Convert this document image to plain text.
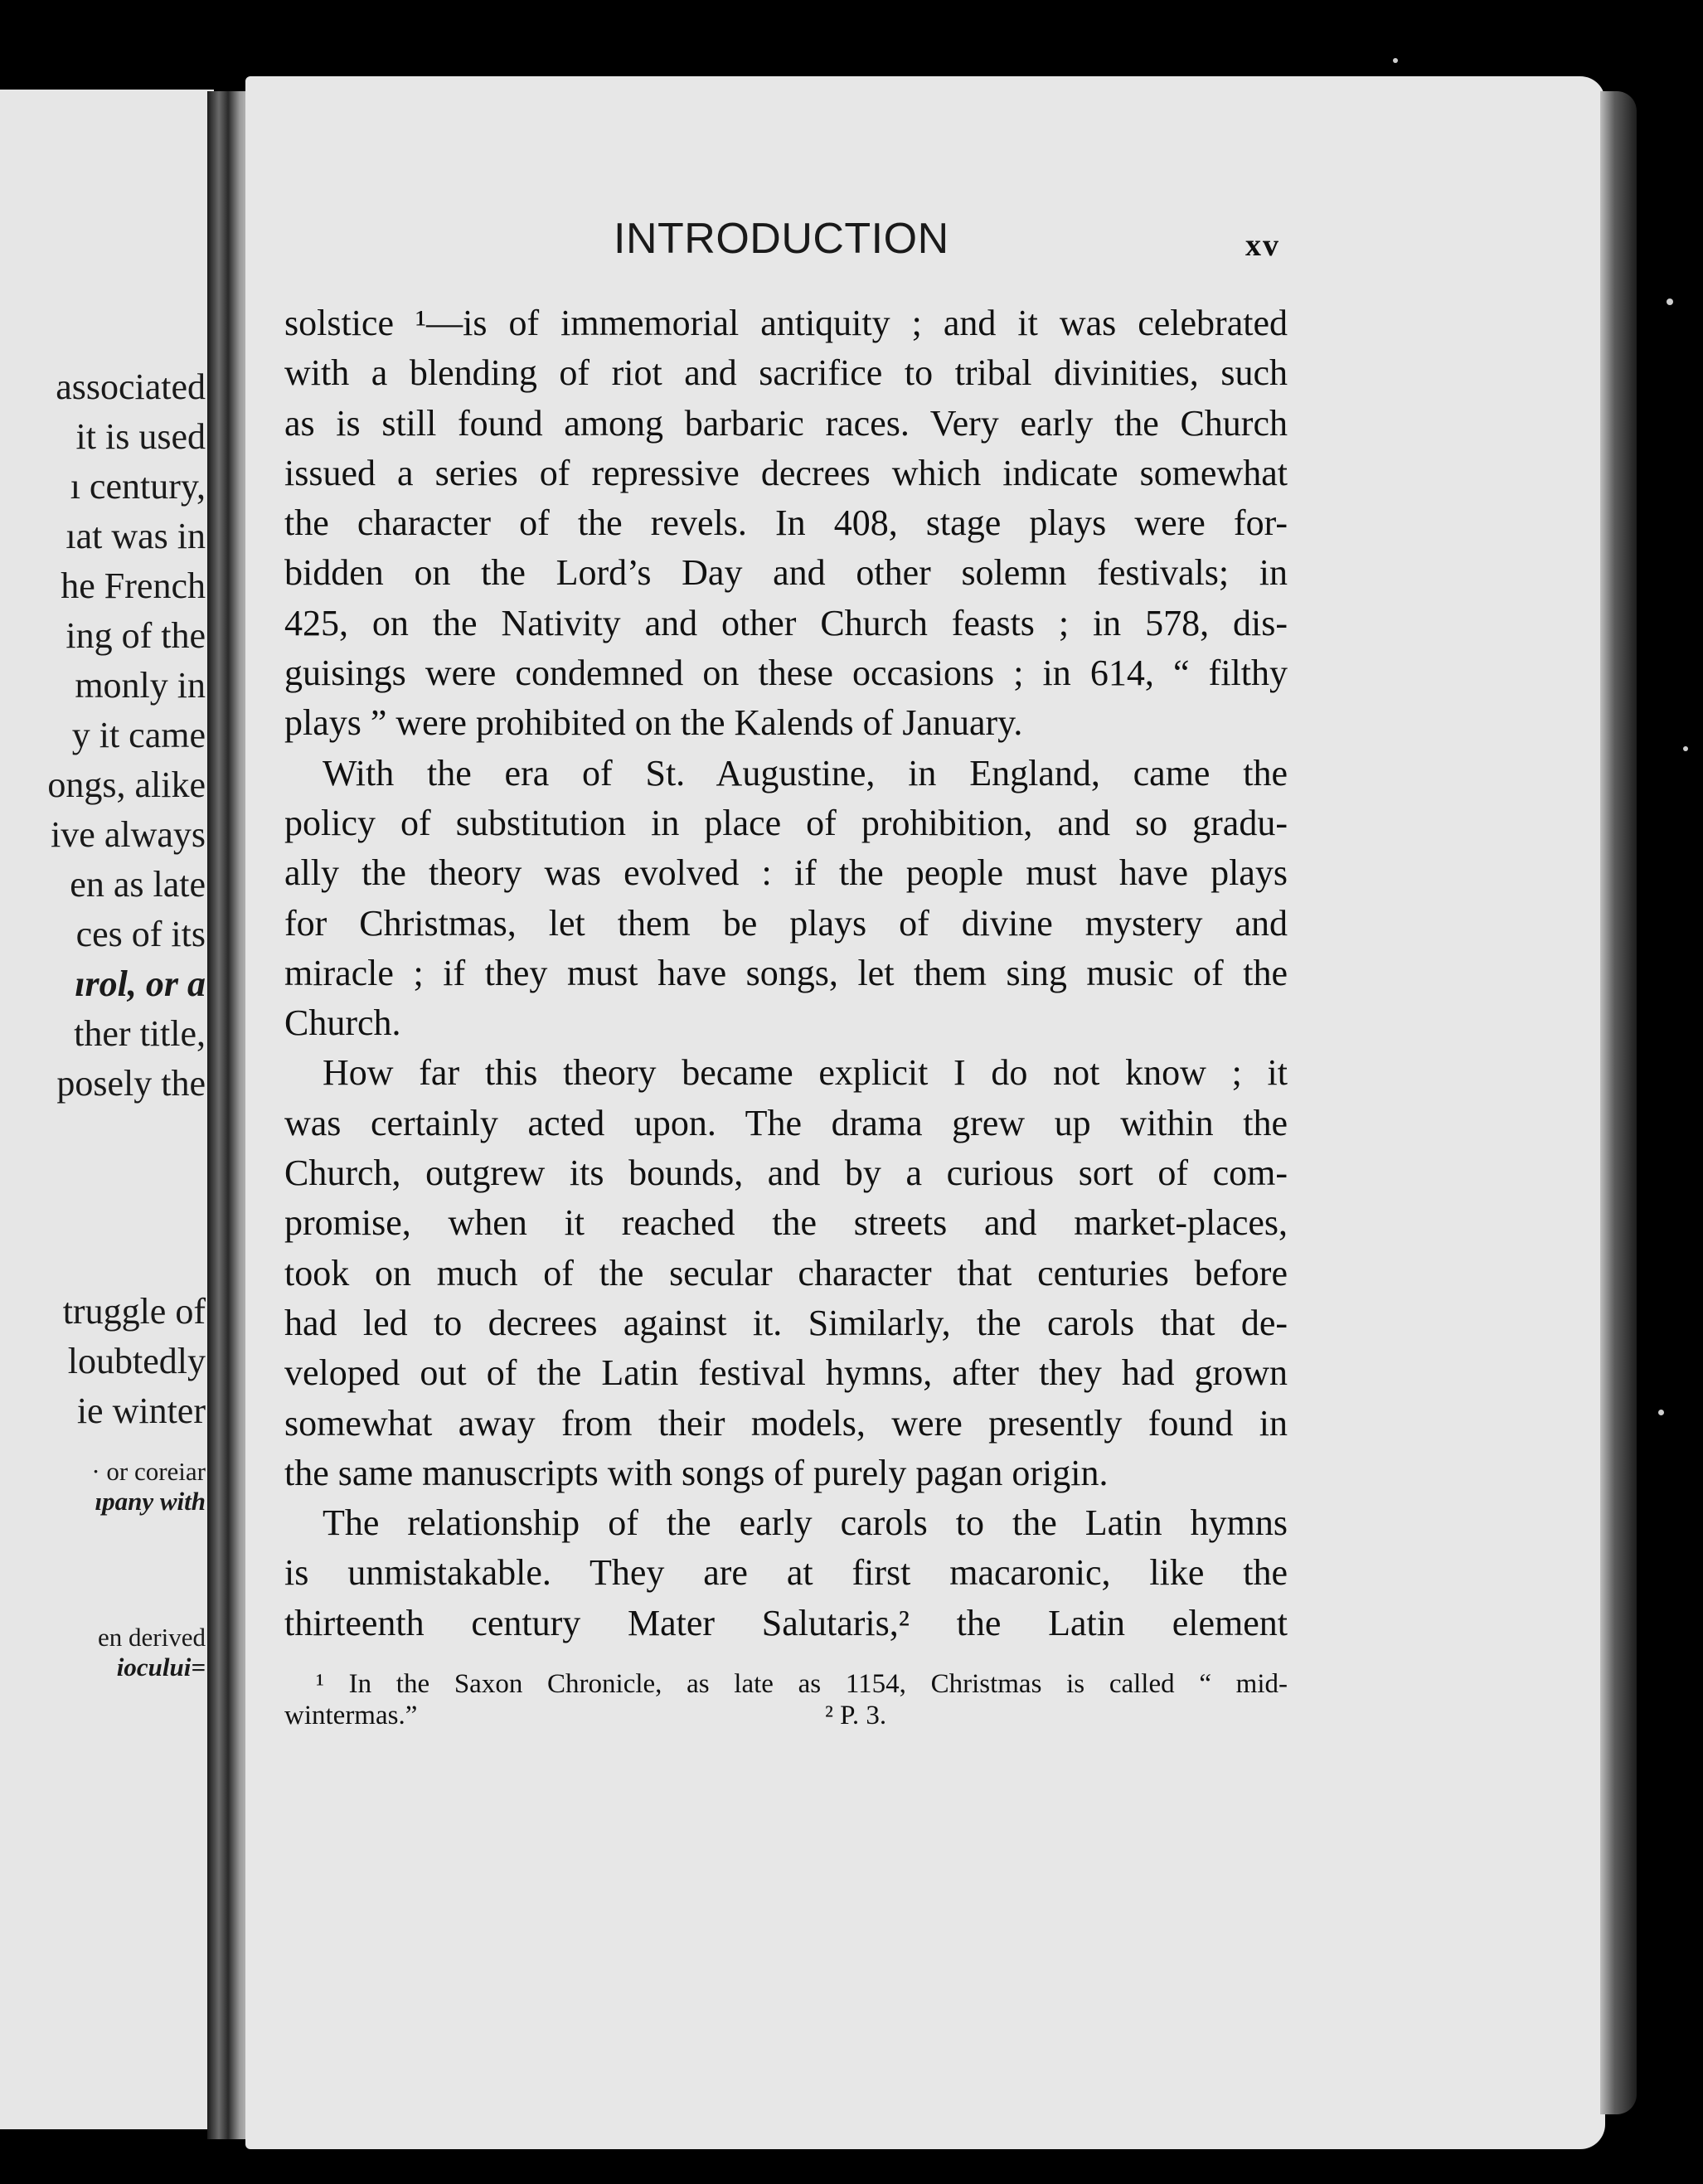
associated
it is used
ı century,
ıat was in
he French
ing of the
monly in
y it came
ongs, alike
ive always
en as late
ces of its
ırol, or a
ther title,
posely the
truggle of
loubtedly
ie winter
· or coreiar
ıpany with
en derived
iocului=
INTRODUCTION	xv
solstice ¹—is of immemorial antiquity ; and it was celebrated
with a blending of riot and sacrifice to tribal divinities, such
as is still found among barbaric races. Very early the Church
issued a series of repressive decrees which indicate somewhat
the character of the revels. In 408, stage plays were for-
bidden on the Lord’s Day and other solemn festivals; in
425, on the Nativity and other Church feasts ; in 578, dis-
guisings were condemned on these occasions ; in 614, “ filthy
plays ” were prohibited on the Kalends of January.
With the era of St. Augustine, in England, came the
policy of substitution in place of prohibition, and so gradu-
ally the theory was evolved : if the people must have plays
for Christmas, let them be plays of divine mystery and
miracle ; if they must have songs, let them sing music of the
Church.
How far this theory became explicit I do not know ; it
was certainly acted upon. The drama grew up within the
Church, outgrew its bounds, and by a curious sort of com-
promise, when it reached the streets and market-places,
took on much of the secular character that centuries before
had led to decrees against it. Similarly, the carols that de-
veloped out of the Latin festival hymns, after they had grown
somewhat away from their models, were presently found in
the same manuscripts with songs of purely pagan origin.
The relationship of the early carols to the Latin hymns
is unmistakable. They are at first macaronic, like the
thirteenth century Mater Salutaris,² the Latin element
¹ In the Saxon Chronicle, as late as 1154, Christmas is called “ mid-
wintermas.”	² P. 3.
